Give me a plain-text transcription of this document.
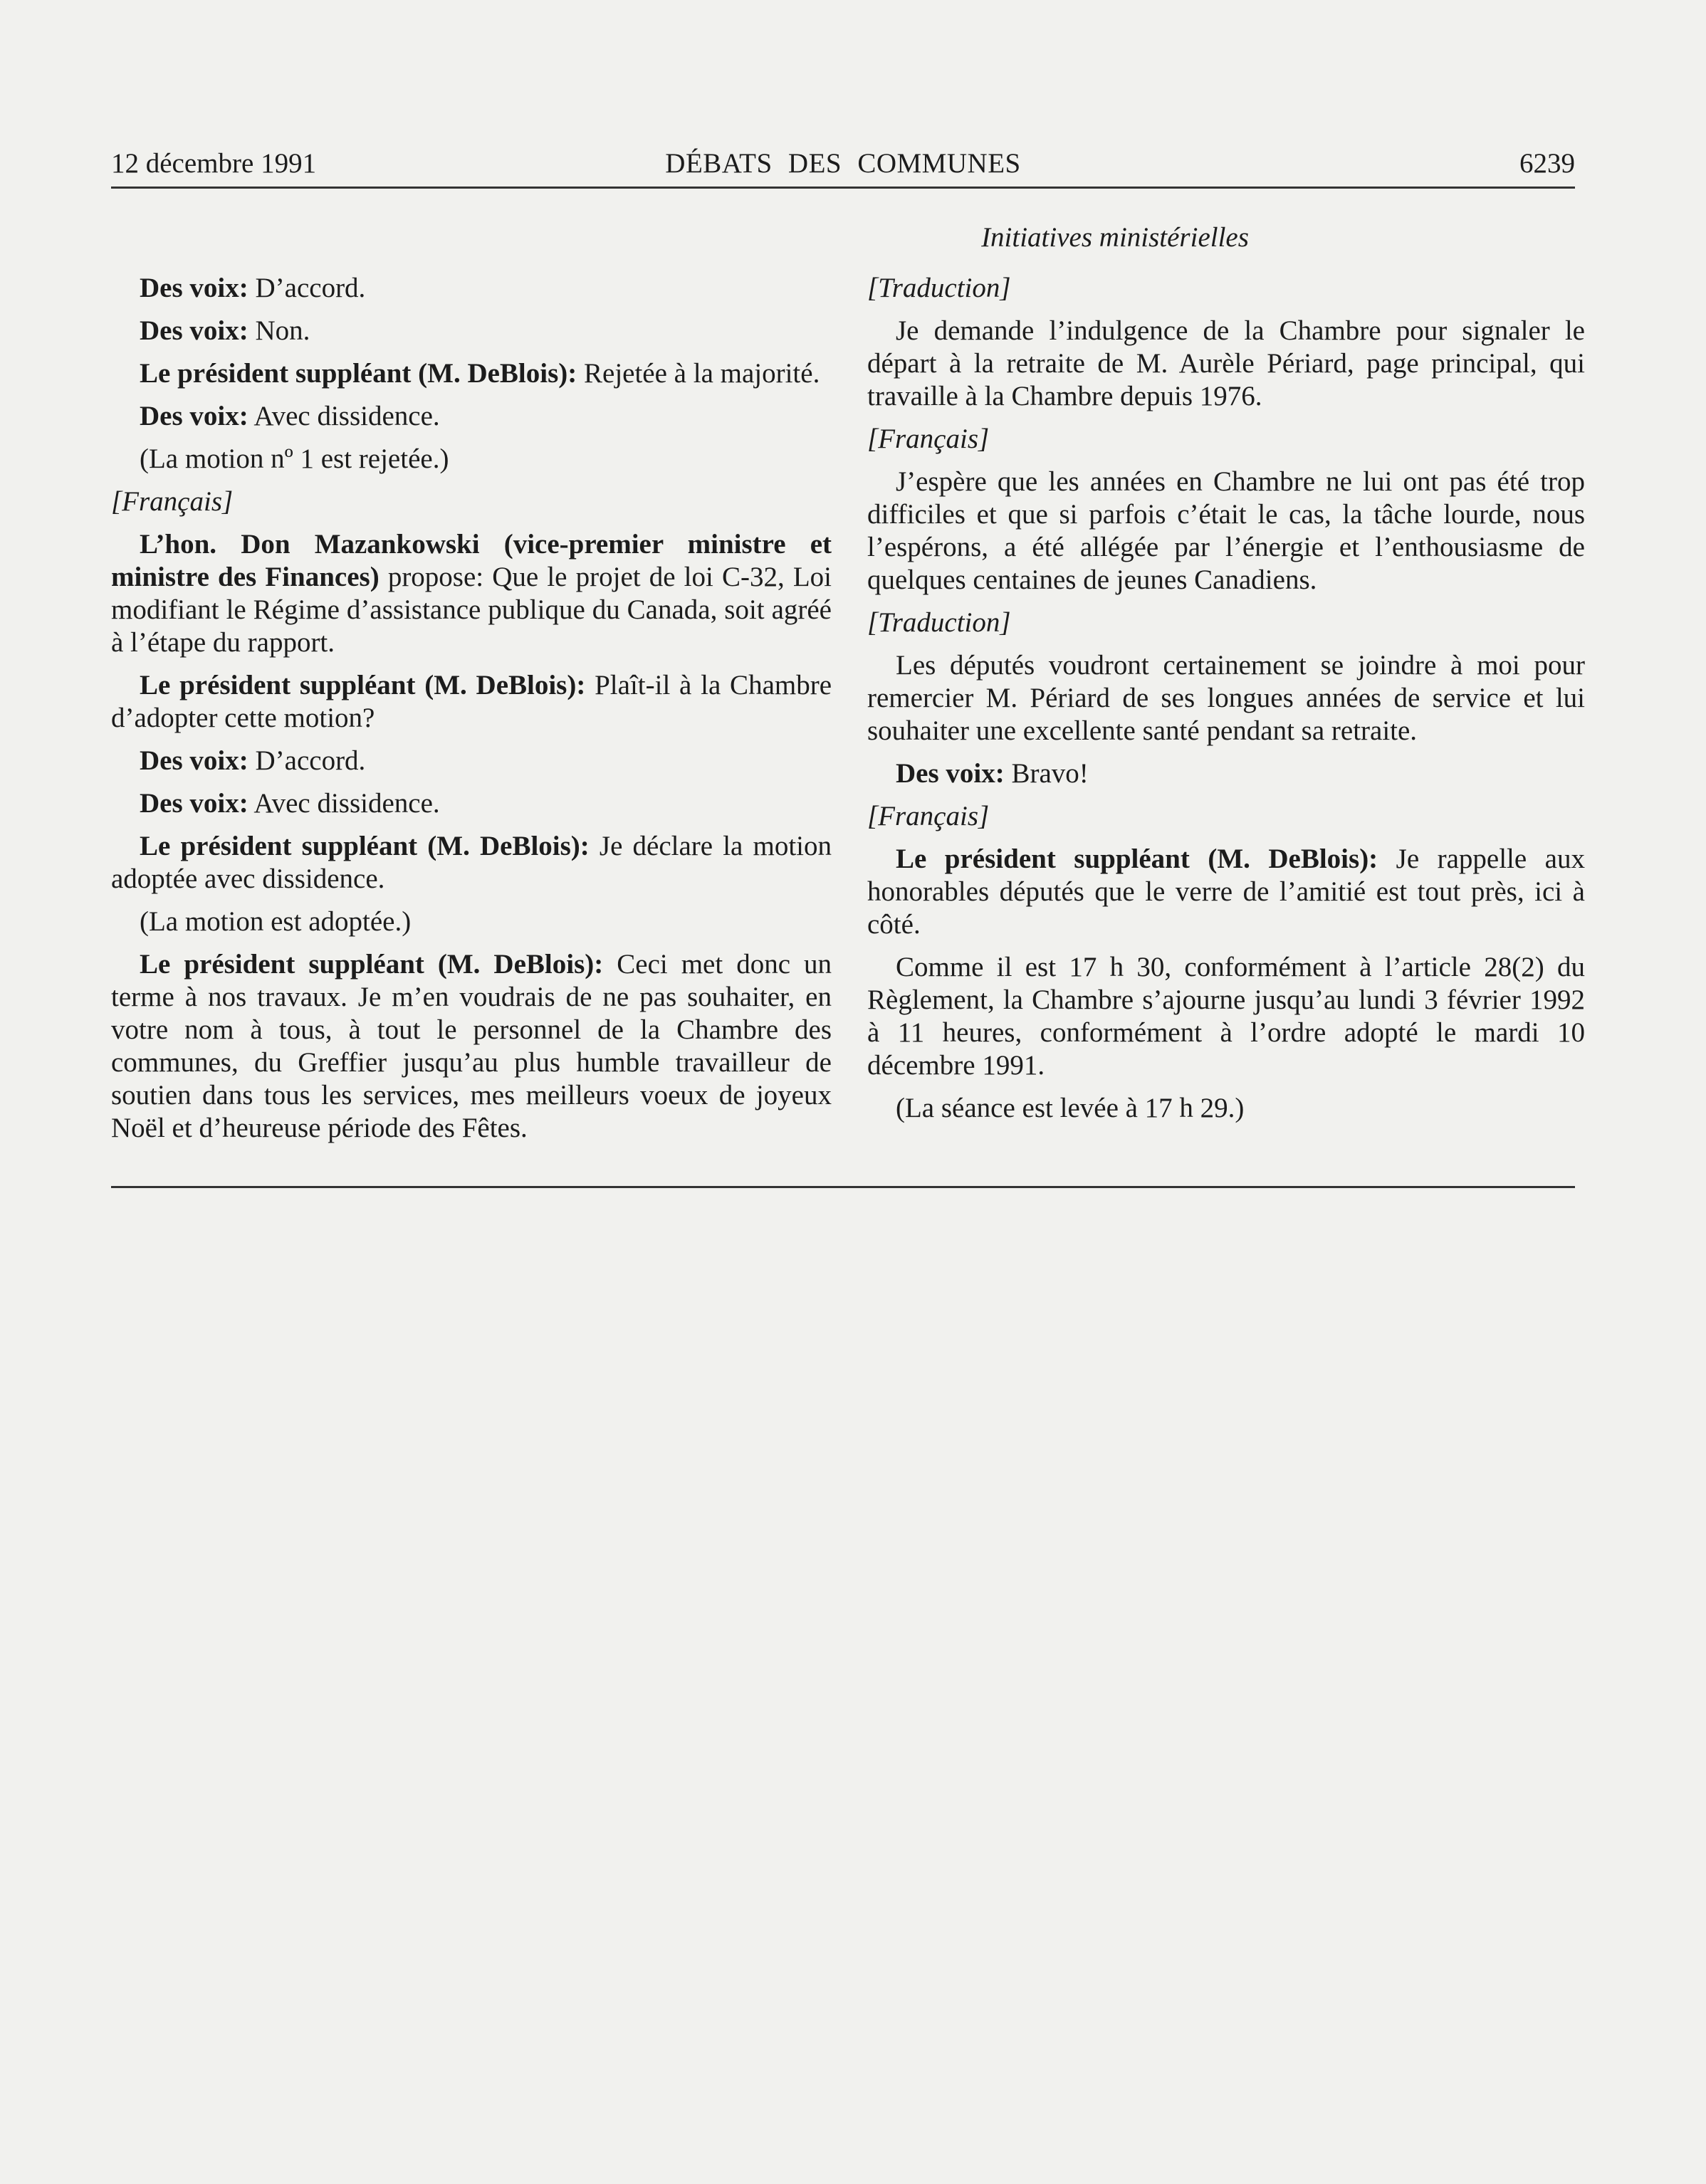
12 décembre 1991	DÉBATS DES COMMUNES	6239
Initiatives ministérielles

Des voix: D’accord.

Des voix: Non.

Le président suppléant (M. DeBlois): Rejetée à la majorité.

Des voix: Avec dissidence.

(La motion nº 1 est rejetée.)

[Français]

L’hon. Don Mazankowski (vice-premier ministre et ministre des Finances) propose: Que le projet de loi C-32, Loi modifiant le Régime d’assistance publique du Canada, soit agréé à l’étape du rapport.

Le président suppléant (M. DeBlois): Plaît-il à la Chambre d’adopter cette motion?

Des voix: D’accord.

Des voix: Avec dissidence.

Le président suppléant (M. DeBlois): Je déclare la motion adoptée avec dissidence.

(La motion est adoptée.)

Le président suppléant (M. DeBlois): Ceci met donc un terme à nos travaux. Je m’en voudrais de ne pas souhaiter, en votre nom à tous, à tout le personnel de la Chambre des communes, du Greffier jusqu’au plus humble travailleur de soutien dans tous les services, mes meilleurs voeux de joyeux Noël et d’heureuse période des Fêtes.

[Traduction]

Je demande l’indulgence de la Chambre pour signaler le départ à la retraite de M. Aurèle Périard, page principal, qui travaille à la Chambre depuis 1976.

[Français]

J’espère que les années en Chambre ne lui ont pas été trop difficiles et que si parfois c’était le cas, la tâche lourde, nous l’espérons, a été allégée par l’énergie et l’enthousiasme de quelques centaines de jeunes Canadiens.

[Traduction]

Les députés voudront certainement se joindre à moi pour remercier M. Périard de ses longues années de service et lui souhaiter une excellente santé pendant sa retraite.

Des voix: Bravo!

[Français]

Le président suppléant (M. DeBlois): Je rappelle aux honorables députés que le verre de l’amitié est tout près, ici à côté.

Comme il est 17 h 30, conformément à l’article 28(2) du Règlement, la Chambre s’ajourne jusqu’au lundi 3 février 1992 à 11 heures, conformément à l’ordre adopté le mardi 10 décembre 1991.

(La séance est levée à 17 h 29.)
